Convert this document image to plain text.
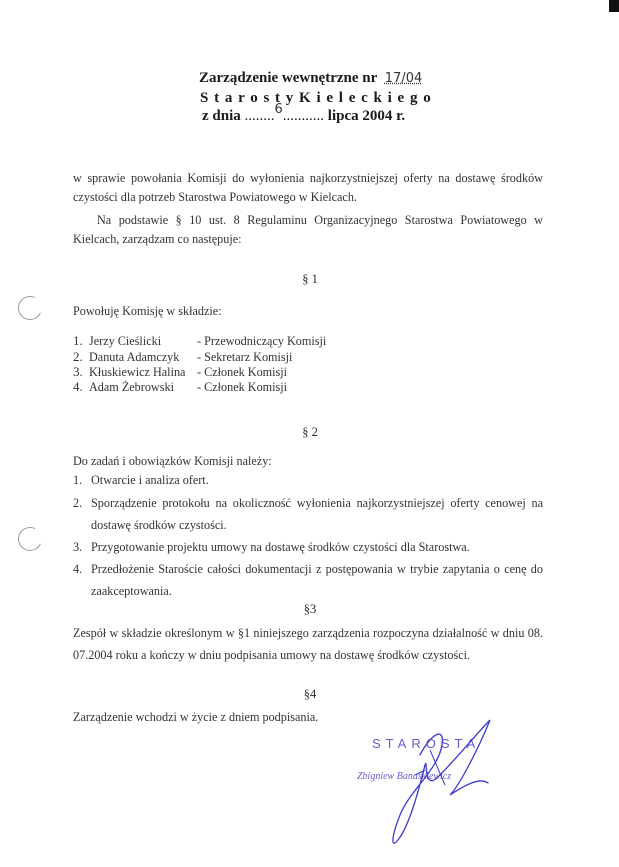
Zarządzenie wewnętrzne nr 17/04
S t a r o s t y K i e l e c k i e g o
z dnia ........6........... lipca 2004 r.
w sprawie powołania Komisji do wyłonienia najkorzystniejszej oferty na dostawę środków czystości dla potrzeb Starostwa Powiatowego w Kielcach.
Na podstawie § 10 ust. 8 Regulaminu Organizacyjnego Starostwa Powiatowego w Kielcach, zarządzam co następuje:
§ 1
Powołuję Komisję w składzie:
1. Jerzy Cieślicki	- Przewodniczący Komisji
2. Danuta Adamczyk - Sekretarz Komisji
3. Kłuskiewicz Halina - Członek Komisji
4. Adam Żebrowski - Członek Komisji
§ 2
Do zadań i obowiązków Komisji należy:
1. Otwarcie i analiza ofert.
2. Sporządzenie protokołu na okoliczność wyłonienia najkorzystniejszej oferty cenowej na dostawę środków czystości.
3. Przygotowanie projektu umowy na dostawę środków czystości dla Starostwa.
4. Przedłożenie Staroście całości dokumentacji z postępowania w trybie zapytania o cenę do zaakceptowania.
§3
Zespół w składzie określonym w §1 niniejszego zarządzenia rozpoczyna działalność w dniu 08. 07.2004 roku a kończy w dniu podpisania umowy na dostawę środków czystości.
§4
Zarządzenie wchodzi w życie z dniem podpisania.
STAROSTA
Zbigniew Banaśkiewicz
